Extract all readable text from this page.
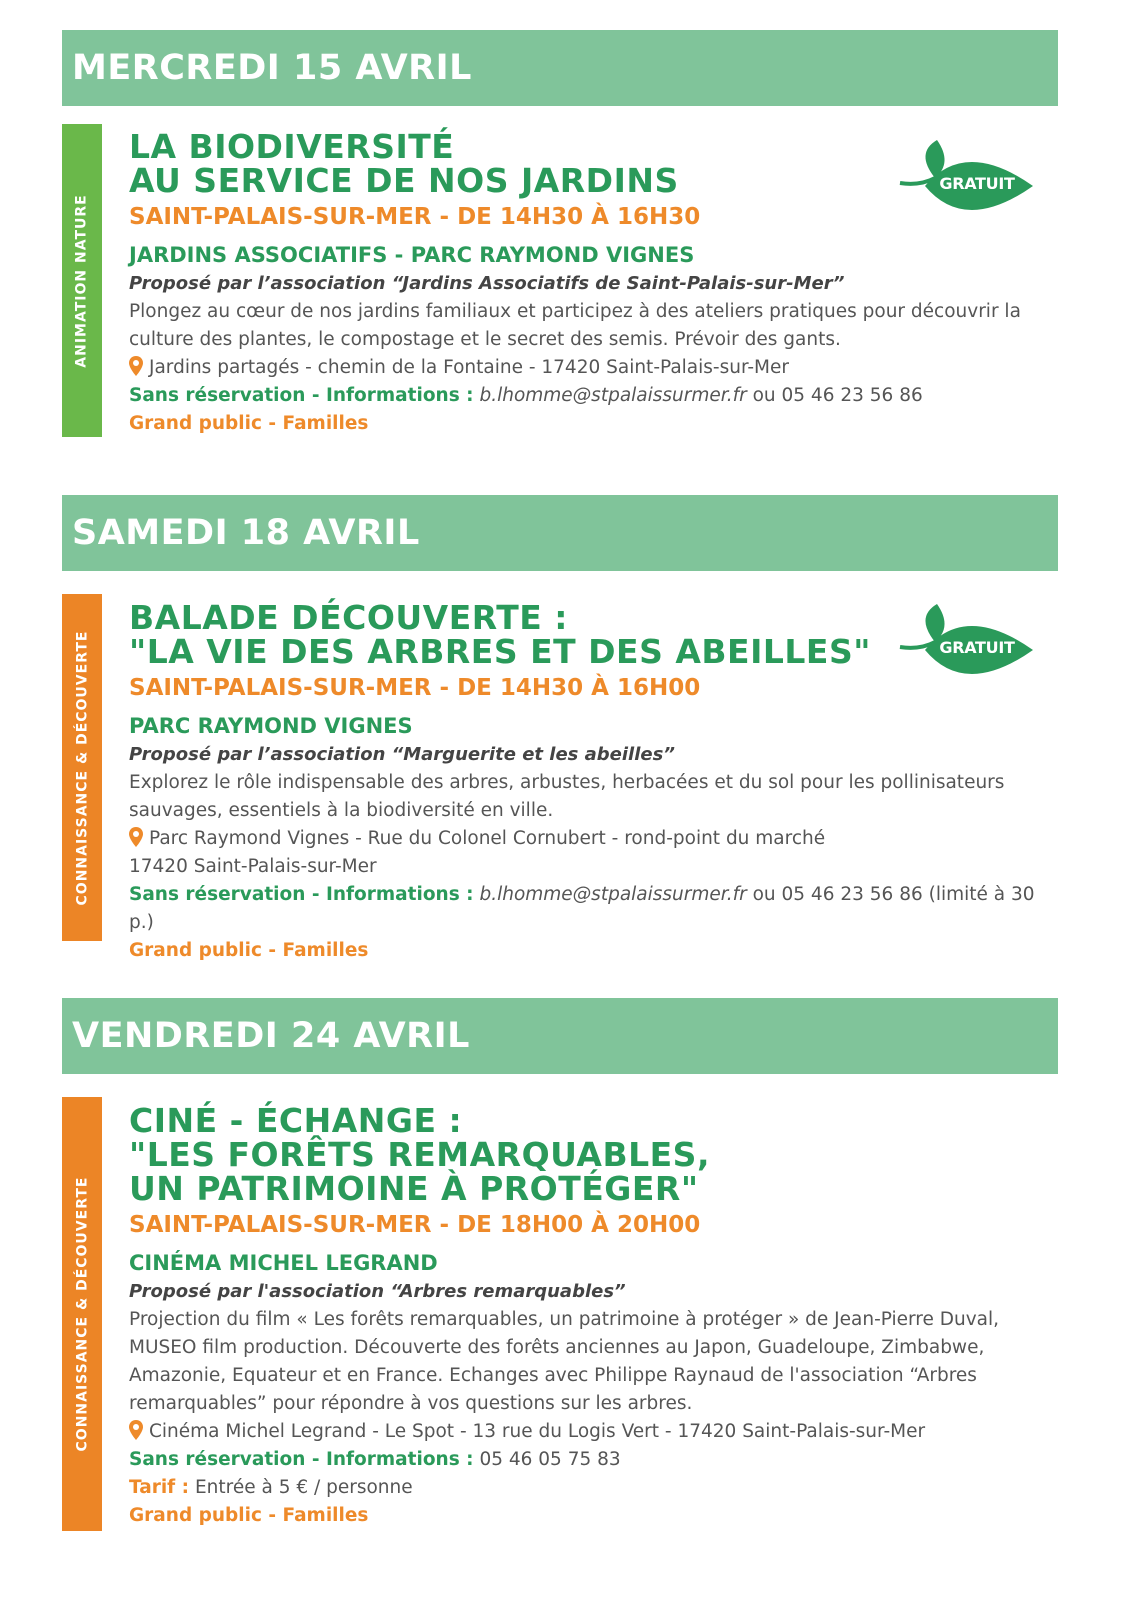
MERCREDI 15 AVRIL
ANIMATION NATURE
GRATUIT
LA BIODIVERSITÉ
AU SERVICE DE NOS JARDINS
SAINT-PALAIS-SUR-MER - DE 14H30 À 16H30
JARDINS ASSOCIATIFS - PARC RAYMOND VIGNES
Proposé par l’association “Jardins Associatifs de Saint-Palais-sur-Mer”
Plongez au cœur de nos jardins familiaux et participez à des ateliers pratiques pour découvrir la culture des plantes, le compostage et le secret des semis. Prévoir des gants.
Jardins partagés - chemin de la Fontaine - 17420 Saint-Palais-sur-Mer
Sans réservation - Informations : b.lhomme@stpalaissurmer.fr ou 05 46 23 56 86
Grand public - Familles
SAMEDI 18 AVRIL
CONNAISSANCE & DÉCOUVERTE	GRATUIT
BALADE DÉCOUVERTE :
"LA VIE DES ARBRES ET DES ABEILLES"
SAINT-PALAIS-SUR-MER - DE 14H30 À 16H00
PARC RAYMOND VIGNES
Proposé par l’association “Marguerite et les abeilles”
Explorez le rôle indispensable des arbres, arbustes, herbacées et du sol pour les pollinisateurs sauvages, essentiels à la biodiversité en ville.
Parc Raymond Vignes - Rue du Colonel Cornubert - rond-point du marché
17420 Saint-Palais-sur-Mer
Sans réservation - Informations : b.lhomme@stpalaissurmer.fr ou 05 46 23 56 86 (limité à 30 p.)
Grand public - Familles
VENDREDI 24 AVRIL
CONNAISSANCE & DÉCOUVERTE
CINÉ - ÉCHANGE :
"LES FORÊTS REMARQUABLES,
UN PATRIMOINE À PROTÉGER"
SAINT-PALAIS-SUR-MER - DE 18H00 À 20H00
CINÉMA MICHEL LEGRAND
Proposé par l'association “Arbres remarquables”
Projection du film « Les forêts remarquables, un patrimoine à protéger » de Jean-Pierre Duval, MUSEO film production. Découverte des forêts anciennes au Japon, Guadeloupe, Zimbabwe, Amazonie, Equateur et en France. Echanges avec Philippe Raynaud de l'association “Arbres remarquables” pour répondre à vos questions sur les arbres.
Cinéma Michel Legrand - Le Spot - 13 rue du Logis Vert - 17420 Saint-Palais-sur-Mer
Sans réservation - Informations : 05 46 05 75 83
Tarif : Entrée à 5 € / personne
Grand public - Familles
